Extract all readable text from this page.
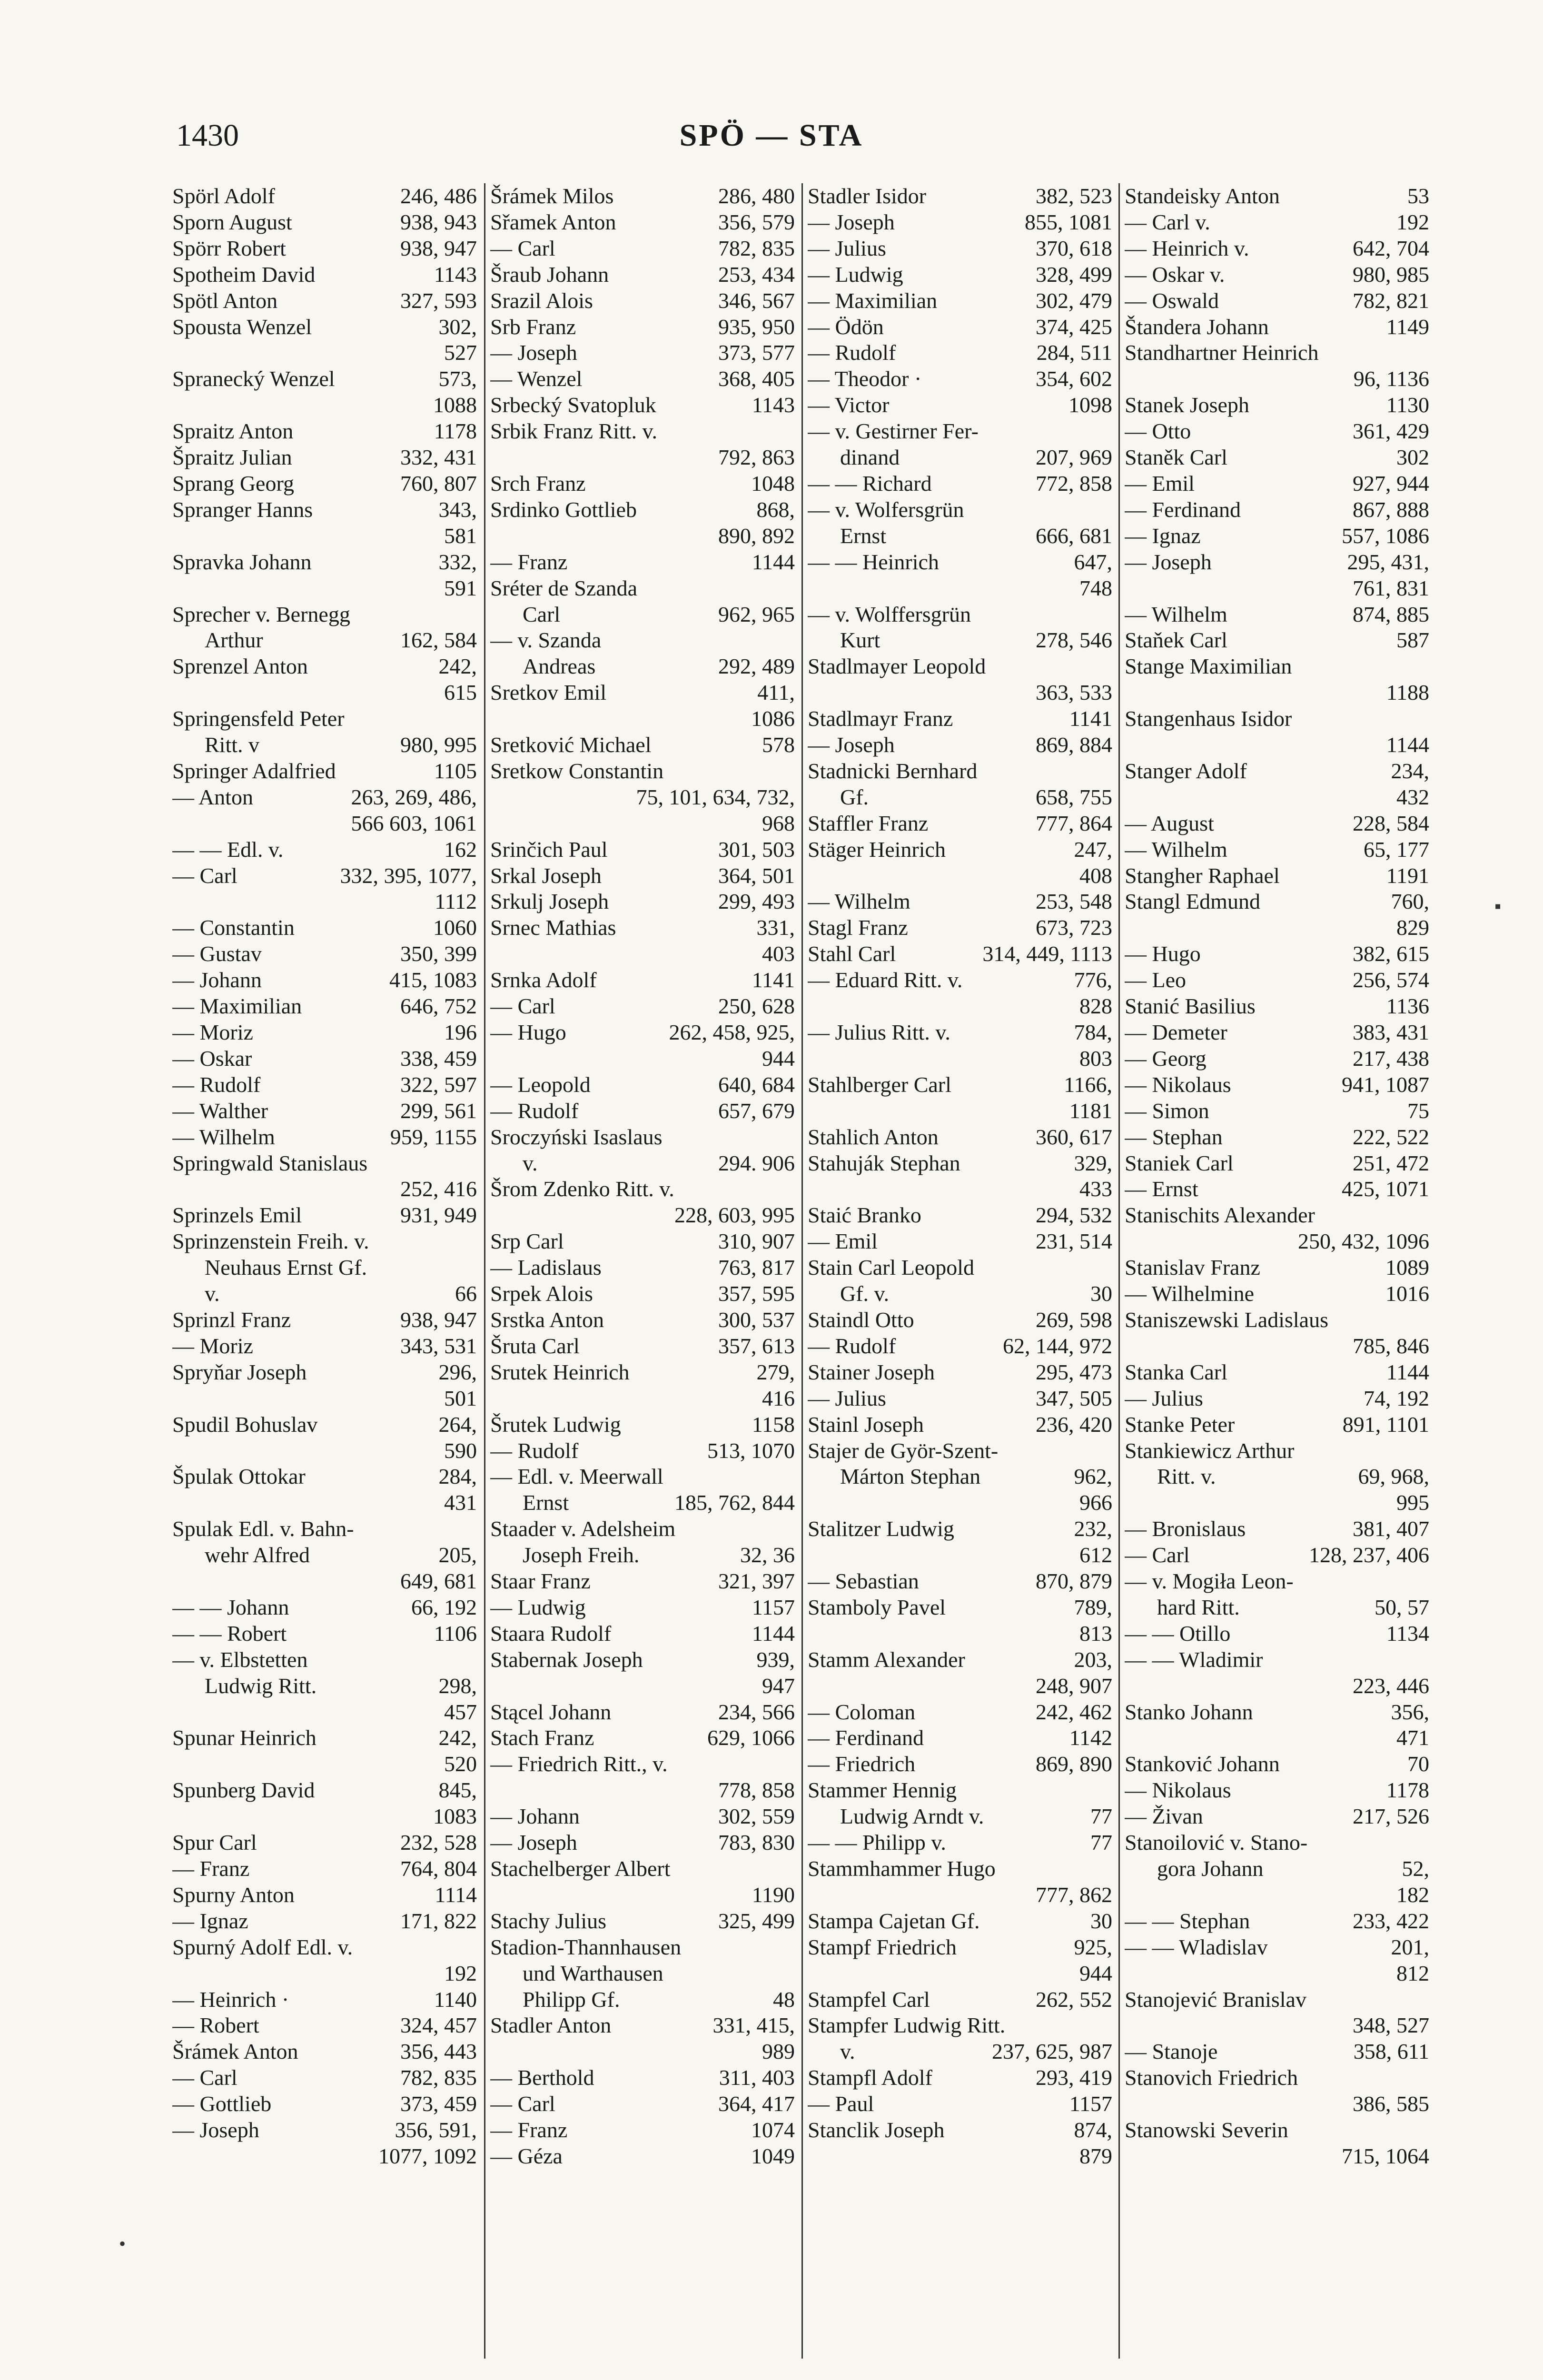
1430	SPÖ — STA
246, 486
Spörl Adolf
938, 943
Sporn August
938, 947
Spörr Robert
1143
Spotheim David
327, 593
Spötl Anton
302,
Spousta Wenzel
527
573,
Spranecký Wenzel
1088
1178
Spraitz Anton
332, 431
Špraitz Julian
760, 807
Sprang Georg
343,
Spranger Hanns
581
332,
Spravka Johann
591
Sprecher v. Bernegg
162, 584
Arthur
242,
Sprenzel Anton
615
Springensfeld Peter
980, 995
Ritt. v
1105
Springer Adalfried
263, 269, 486,
— Anton
566 603, 1061

162
— — Edl. v.
332, 395, 1077,
— Carl
1112
1060
— Constantin
350, 399
— Gustav
415, 1083
— Johann
646, 752
— Maximilian
196
— Moriz
338, 459
— Oskar
322, 597
— Rudolf
299, 561
— Walther
959, 1155
— Wilhelm
Springwald Stanislaus
252, 416

931, 949
Sprinzels Emil
Sprinzenstein Freih. v.
Neuhaus Ernst Gf.
66
v.
938, 947
Sprinzl Franz
343, 531
— Moriz
296,
Spryňar Joseph
501
264,
Spudil Bohuslav
590
284,
Špulak Ottokar
431
Spulak Edl. v. Bahn-
205,
wehr Alfred
649, 681

66, 192
— — Johann
1106
— — Robert
— v. Elbstetten
298,
Ludwig Ritt.
457
242,
Spunar Heinrich
520
845,
Spunberg David
1083
232, 528
Spur Carl
764, 804
— Franz
1114
Spurny Anton
171, 822
— Ignaz
Spurný Adolf Edl. v.
192
1140
— Heinrich ·
324, 457
— Robert
356, 443
Šrámek Anton
782, 835
— Carl
373, 459
— Gottlieb
356, 591,
— Joseph
1077, 1092

286, 480
Šrámek Milos
356, 579
Sřamek Anton
782, 835
— Carl
253, 434
Šraub Johann
346, 567
Srazil Alois
935, 950
Srb Franz
373, 577
— Joseph
368, 405
— Wenzel
1143
Srbecký Svatopluk
Srbik Franz Ritt. v.
792, 863

1048
Srch Franz
868,
Srdinko Gottlieb
890, 892

1144
— Franz
Sréter de Szanda
962, 965
Carl
— v. Szanda
292, 489
Andreas
411,
Sretkov Emil
1086
578
Sretković Michael
Sretkow Constantin
75, 101, 634, 732,

968
301, 503
Srinčich Paul
364, 501
Srkal Joseph
299, 493
Srkulj Joseph
331,
Srnec Mathias
403
1141
Srnka Adolf
250, 628
— Carl
262, 458, 925,
— Hugo
944
640, 684
— Leopold
657, 679
— Rudolf
Sroczyński Isaslaus
294. 906
v.
Šrom Zdenko Ritt. v.
228, 603, 995

310, 907
Srp Carl
763, 817
— Ladislaus
357, 595
Srpek Alois
300, 537
Srstka Anton
357, 613
Šruta Carl
279,
Srutek Heinrich
416
1158
Šrutek Ludwig
513, 1070
— Rudolf
— Edl. v. Meerwall
185, 762, 844
Ernst
Staader v. Adelsheim
32, 36
Joseph Freih.
321, 397
Staar Franz
1157
— Ludwig
1144
Staara Rudolf
939,
Stabernak Joseph
947
234, 566
Stącel Johann
629, 1066
Stach Franz
— Friedrich Ritt., v.
778, 858

302, 559
— Johann
783, 830
— Joseph
Stachelberger Albert
1190

325, 499
Stachy Julius
Stadion-Thannhausen
und Warthausen
48
Philipp Gf.
331, 415,
Stadler Anton
989
311, 403
— Berthold
364, 417
— Carl
1074
— Franz
1049
— Géza
382, 523
Stadler Isidor
855, 1081
— Joseph
370, 618
— Julius
328, 499
— Ludwig
302, 479
— Maximilian
374, 425
— Ödön
284, 511
— Rudolf
354, 602
— Theodor ·
1098
— Victor
— v. Gestirner Fer-
207, 969
dinand
772, 858
— — Richard
— v. Wolfersgrün
666, 681
Ernst
647,
— — Heinrich
748
— v. Wolffersgrün
278, 546
Kurt
Stadlmayer Leopold
363, 533

1141
Stadlmayr Franz
869, 884
— Joseph
Stadnicki Bernhard
658, 755
Gf.
777, 864
Staffler Franz
247,
Stäger Heinrich
408
253, 548
— Wilhelm
673, 723
Stagl Franz
314, 449, 1113
Stahl Carl
776,
— Eduard Ritt. v.
828
784,
— Julius Ritt. v.
803
1166,
Stahlberger Carl
1181
360, 617
Stahlich Anton
329,
Stahuják Stephan
433
294, 532
Staić Branko
231, 514
— Emil
Stain Carl Leopold
30
Gf. v.
269, 598
Staindl Otto
62, 144, 972
— Rudolf
295, 473
Stainer Joseph
347, 505
— Julius
236, 420
Stainl Joseph
Stajer de Györ-Szent-
962,
Márton Stephan
966
232,
Stalitzer Ludwig
612
870, 879
— Sebastian
789,
Stamboly Pavel
813
203,
Stamm Alexander
248, 907

242, 462
— Coloman
1142
— Ferdinand
869, 890
— Friedrich
Stammer Hennig
77
Ludwig Arndt v.
77
— — Philipp v.
Stammhammer Hugo
777, 862

30
Stampa Cajetan Gf.
925,
Stampf Friedrich
944
262, 552
Stampfel Carl
Stampfer Ludwig Ritt.
237, 625, 987
v.
293, 419
Stampfl Adolf
1157
— Paul
874,
Stanclik Joseph
879
53
Standeisky Anton
192
— Carl v.
642, 704
— Heinrich v.
980, 985
— Oskar v.
782, 821
— Oswald
1149
Štandera Johann
Standhartner Heinrich
96, 1136

1130
Stanek Joseph
361, 429
— Otto
302
Staněk Carl
927, 944
— Emil
867, 888
— Ferdinand
557, 1086
— Ignaz
295, 431,
— Joseph
761, 831

874, 885
— Wilhelm
587
Staňek Carl
Stange Maximilian
1188

Stangenhaus Isidor
1144

234,
Stanger Adolf
432
228, 584
— August
65, 177
— Wilhelm
1191
Stangher Raphael
760,
Stangl Edmund
829
382, 615
— Hugo
256, 574
— Leo
1136
Stanić Basilius
383, 431
— Demeter
217, 438
— Georg
941, 1087
— Nikolaus
75
— Simon
222, 522
— Stephan
251, 472
Staniek Carl
425, 1071
— Ernst
Stanischits Alexander
250, 432, 1096

1089
Stanislav Franz
1016
— Wilhelmine
Staniszewski Ladislaus
785, 846

1144
Stanka Carl
74, 192
— Julius
891, 1101
Stanke Peter
Stankiewicz Arthur
69, 968,
Ritt. v.
995
381, 407
— Bronislaus
128, 237, 406
— Carl
— v. Mogiła Leon-
50, 57
hard Ritt.
1134
— — Otillo
— — Wladimir
223, 446

356,
Stanko Johann
471
70
Stanković Johann
1178
— Nikolaus
217, 526
— Živan
Stanoilović v. Stano-
52,
gora Johann
182
233, 422
— — Stephan
201,
— — Wladislav
812
Stanojević Branislav
348, 527

358, 611
— Stanoje
Stanovich Friedrich
386, 585

Stanowski Severin
715, 1064

▪
•
